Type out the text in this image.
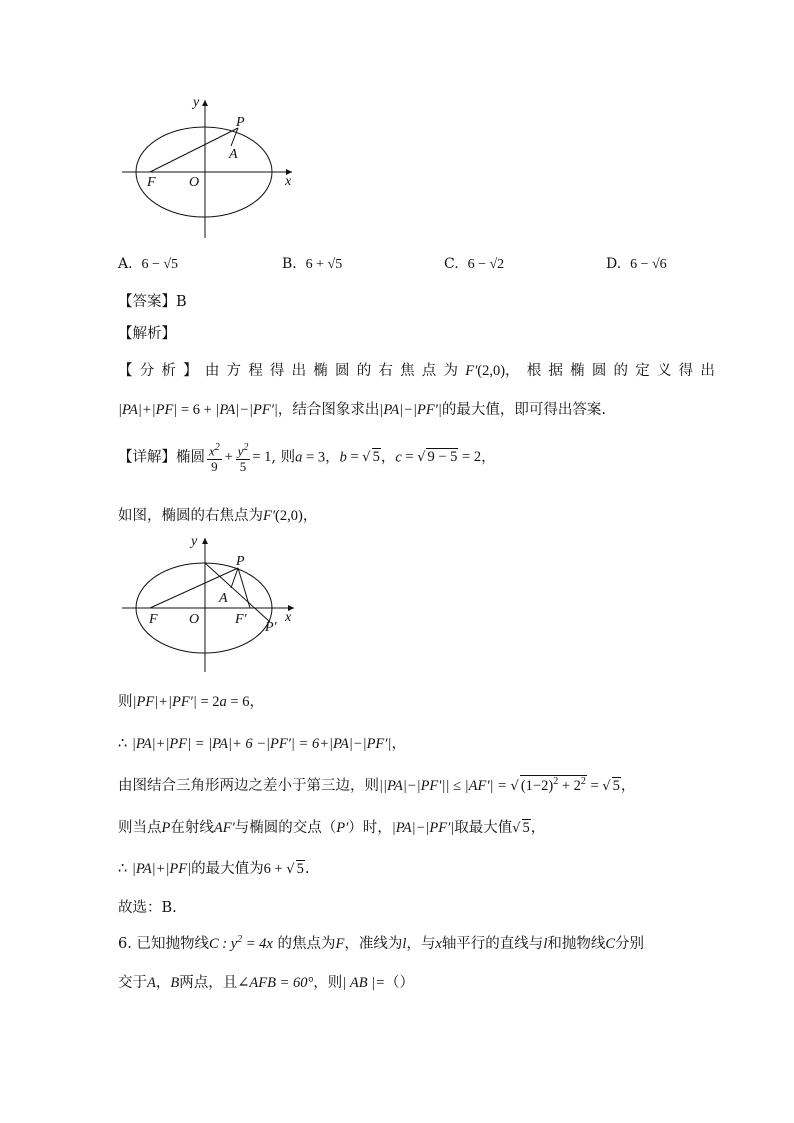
y
x
P
A
F O
A. 6 − √5	B. 6 + √5	C. 6 − √2	D. 6 − √6
【答案】B
【解析】
【分析】由方程得出椭圆的右焦点为F′(2,0)，根据椭圆的定义得出
|PA|+|PF| = 6 + |PA|−|PF′|，结合图象求出|PA|−|PF′|的最大值，即可得出答案.
【详解】椭圆 $\frac{x^2}{9} + \frac{y^2}{5} = 1$, 则a = 3，b = √ 5，c = √ 9 − 5 = 2，
如图，椭圆的右焦点为F′(2,0)，
y
x
P
A
F O	F′
P′
则|PF|+|PF′| = 2a = 6，
∴ |PA|+|PF| = |PA|+ 6 −|PF′| = 6+|PA|−|PF′|，
由图结合三角形两边之差小于第三边，则||PA|−|PF′|| ≤ |AF′| = √ $(1-2)^2 + 2^2$ = √ 5，
则当点P在射线AF′与椭圆的交点（P′）时，|PA|−|PF′|取最大值√ 5，
∴ |PA|+|PF|的最大值为6 + √ 5.
故选：B.
6. 已知抛物线C : $y^2 = 4x$ 的焦点为F，准线为l，与x轴平行的直线与l和抛物线C分别
交于A，B两点，且∠AFB = 60°，则| AB |=（）
